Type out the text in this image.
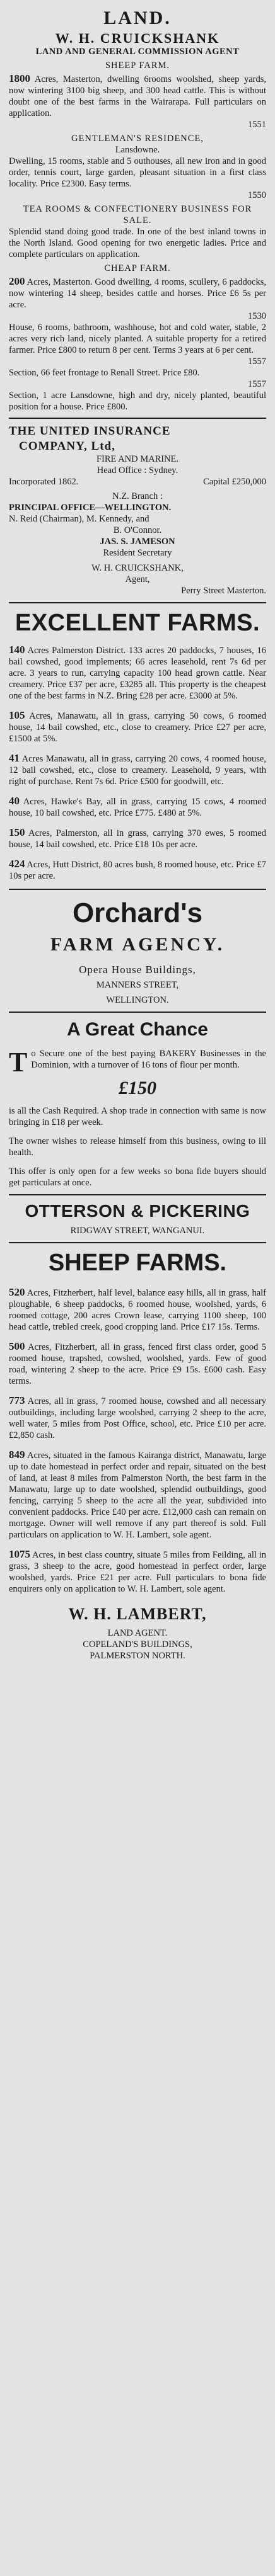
LAND.

W. H. CRUICKSHANK

LAND AND GENERAL COMMISSION AGENT

SHEEP FARM.

1800 Acres, Masterton, dwelling 6rooms woolshed, sheep yards, now wintering 3100 big sheep, and 300 head cattle. This is without doubt one of the best farms in the Wairarapa. Full particulars on application.

1551

GENTLEMAN'S RESIDENCE,

Lansdowne.

Dwelling, 15 rooms, stable and 5 outhouses, all new iron and in good order, tennis court, large garden, pleasant situation in a first class locality. Price £2300. Easy terms.

1550

TEA ROOMS & CONFECTIONERY BUSINESS FOR SALE.

Splendid stand doing good trade. In one of the best inland towns in the North Island. Good opening for two energetic ladies. Price and complete particulars on application.

CHEAP FARM.

200 Acres, Masterton. Good dwelling, 4 rooms, scullery, 6 paddocks, now wintering 14 sheep, besides cattle and horses. Price £6 5s per acre.

1530

House, 6 rooms, bathroom, washhouse, hot and cold water, stable, 2 acres very rich land, nicely planted. A suitable property for a retired farmer. Price £800 to return 8 per cent. Terms 3 years at 6 per cent.

1557

Section, 66 feet frontage to Renall Street. Price £80.

1557

Section, 1 acre Lansdowne, high and dry, nicely planted, beautiful position for a house. Price £800.

THE UNITED INSURANCE

COMPANY, Ltd,

FIRE AND MARINE.

Head Office : Sydney.

Incorporated 1862.	Capital £250,000

N.Z. Branch :

PRINCIPAL OFFICE—WELLINGTON.

N. Reid (Chairman), M. Kennedy, and

B. O'Connor.

JAS. S. JAMESON

Resident Secretary

W. H. CRUICKSHANK,

Agent,

Perry Street Masterton.

EXCELLENT FARMS.

140 Acres Palmerston District. 133 acres 20 paddocks, 7 houses, 16 bail cowshed, good implements; 66 acres leasehold, rent 7s 6d per acre. 3 years to run, carrying capacity 100 head grown cattle. Near creamery. Price £37 per acre, £3285 all. This property is the cheapest one of the best farms in N.Z. Bring £28 per acre. £3000 at 5%.

105 Acres, Manawatu, all in grass, carrying 50 cows, 6 roomed house, 14 bail cowshed, etc., close to creamery. Price £27 per acre, £1500 at 5%.

41 Acres Manawatu, all in grass, carrying 20 cows, 4 roomed house, 12 bail cowshed, etc., close to creamery. Leasehold, 9 years, with right of purchase. Rent 7s 6d. Price £500 for goodwill, etc.

40 Acres, Hawke's Bay, all in grass, carrying 15 cows, 4 roomed house, 10 bail cowshed, etc. Price £775. £480 at 5%.

150 Acres, Palmerston, all in grass, carrying 370 ewes, 5 roomed house, 14 bail cowshed, etc. Price £18 10s per acre.

424 Acres, Hutt District, 80 acres bush, 8 roomed house, etc. Price £7 10s per acre.

Orchard's

FARM AGENCY.

Opera House Buildings,

MANNERS STREET,

WELLINGTON.

A Great Chance

To Secure one of the best paying BAKERY Businesses in the Dominion, with a turnover of 16 tons of flour per month.

£150

is all the Cash Required. A shop trade in connection with same is now bringing in £18 per week.

The owner wishes to release himself from this business, owing to ill health.

This offer is only open for a few weeks so bona fide buyers should get particulars at once.

OTTERSON & PICKERING

RIDGWAY STREET, WANGANUI.

SHEEP FARMS.

520 Acres, Fitzherbert, half level, balance easy hills, all in grass, half ploughable, 6 sheep paddocks, 6 roomed house, woolshed, yards, 6 roomed cottage, 200 acres Crown lease, carrying 1100 sheep, 100 head cattle, trebled creek, good cropping land. Price £17 15s. Terms.

500 Acres, Fitzherbert, all in grass, fenced first class order, good 5 roomed house, trapshed, cowshed, woolshed, yards. Few of good road, wintering 2 sheep to the acre. Price £9 15s. £600 cash. Easy terms.

773 Acres, all in grass, 7 roomed house, cowshed and all necessary outbuildings, including large woolshed, carrying 2 sheep to the acre, well water, 5 miles from Post Office, school, etc. Price £10 per acre. £2,850 cash.

849 Acres, situated in the famous Kairanga district, Manawatu, large up to date homestead in perfect order and repair, situated on the best of land, at least 8 miles from Palmerston North, the best farm in the Manawatu, large up to date woolshed, splendid outbuildings, good fencing, carrying 5 sheep to the acre all the year, subdivided into convenient paddocks. Price £40 per acre. £12,000 cash can remain on mortgage. Owner will well remove if any part thereof is sold. Full particulars on application to W. H. Lambert, sole agent.

1075 Acres, in best class country, situate 5 miles from Feilding, all in grass, 3 sheep to the acre, good homestead in perfect order, large woolshed, yards. Price £21 per acre. Full particulars to bona fide enquirers only on application to W. H. Lambert, sole agent.

W. H. LAMBERT,

LAND AGENT.

COPELAND'S BUILDINGS,

PALMERSTON NORTH.
